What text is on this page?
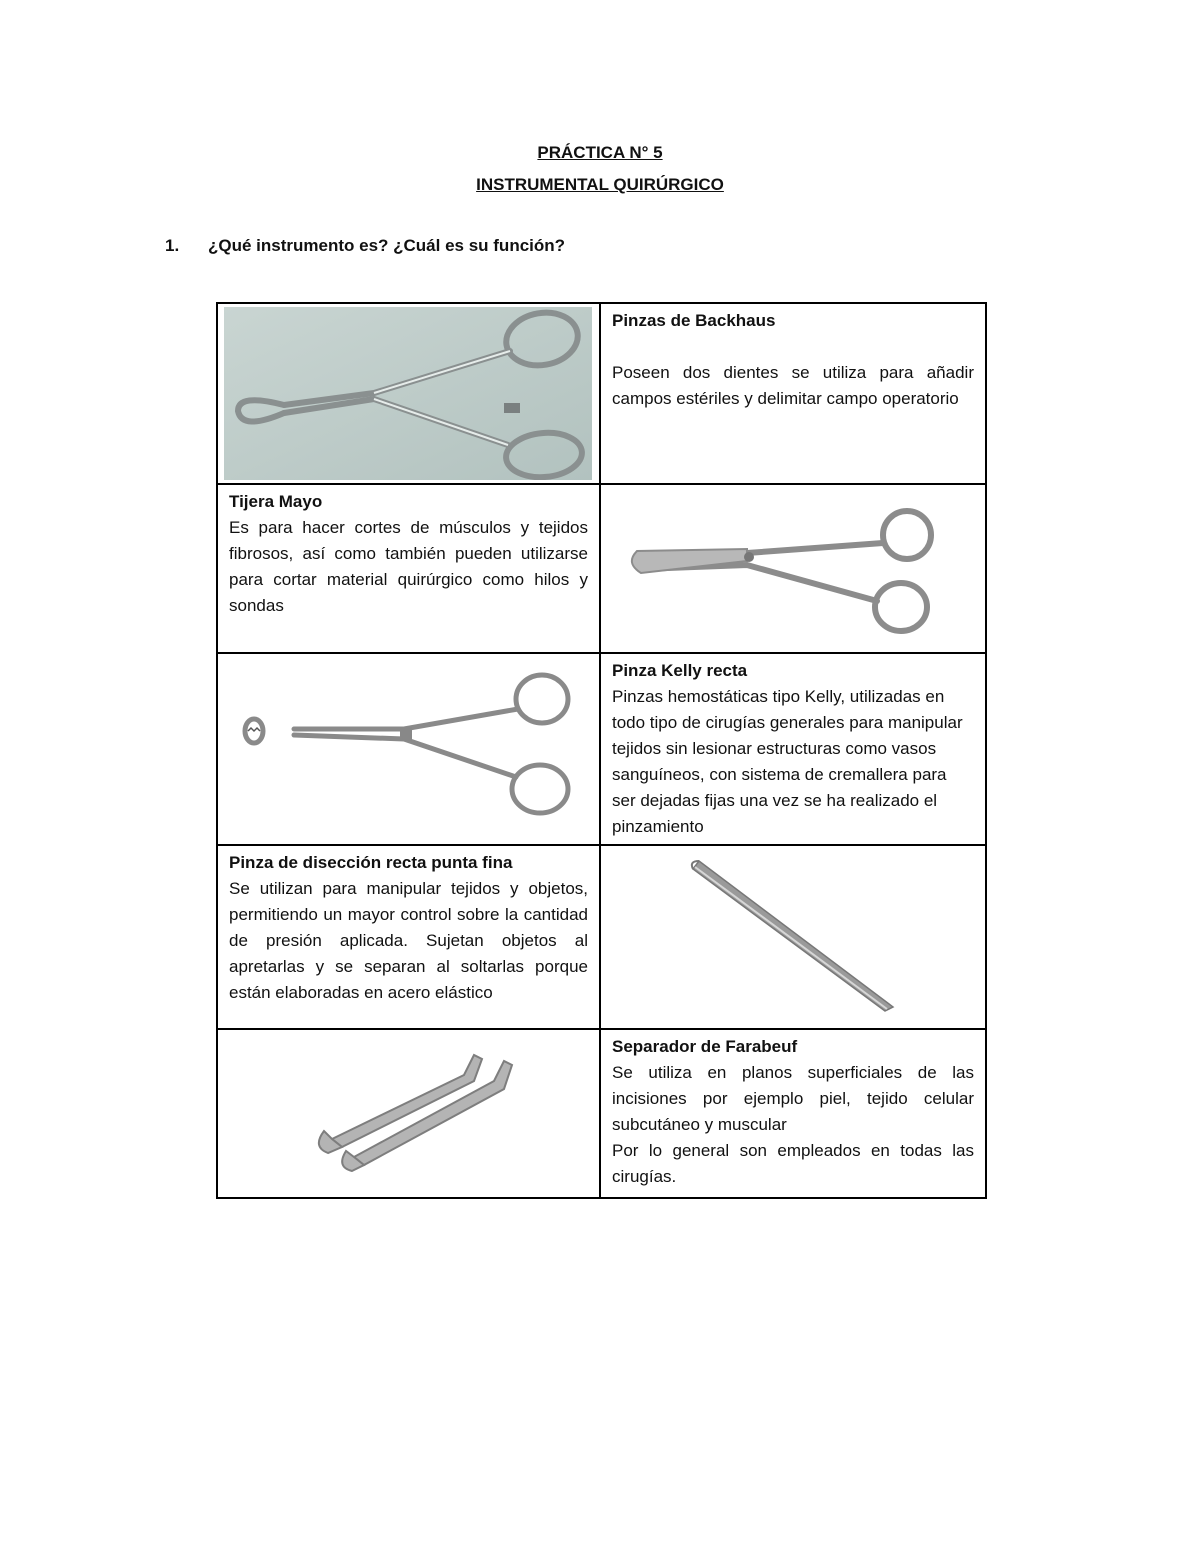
PRÁCTICA N° 5
INSTRUMENTAL QUIRÚRGICO
1. ¿Qué instrumento es? ¿Cuál es su función?

Pinzas de Backhaus
Poseen dos dientes se utiliza para añadir campos estériles y delimitar campo operatorio

Tijera Mayo
Es para hacer cortes de músculos y tejidos fibrosos, así como también pueden utilizarse para cortar material quirúrgico como hilos y sondas

Pinza Kelly recta
Pinzas hemostáticas tipo Kelly, utilizadas en todo tipo de cirugías generales para manipular tejidos sin lesionar estructuras como vasos sanguíneos, con sistema de cremallera para ser dejadas fijas una vez se ha realizado el pinzamiento

Pinza de disección recta punta fina
Se utilizan para manipular tejidos y objetos, permitiendo un mayor control sobre la cantidad de presión aplicada. Sujetan objetos al apretarlas y se separan al soltarlas porque están elaboradas en acero elástico

Separador de Farabeuf
Se utiliza en planos superficiales de las incisiones por ejemplo piel, tejido celular subcutáneo y muscular
Por lo general son empleados en todas las cirugías.
